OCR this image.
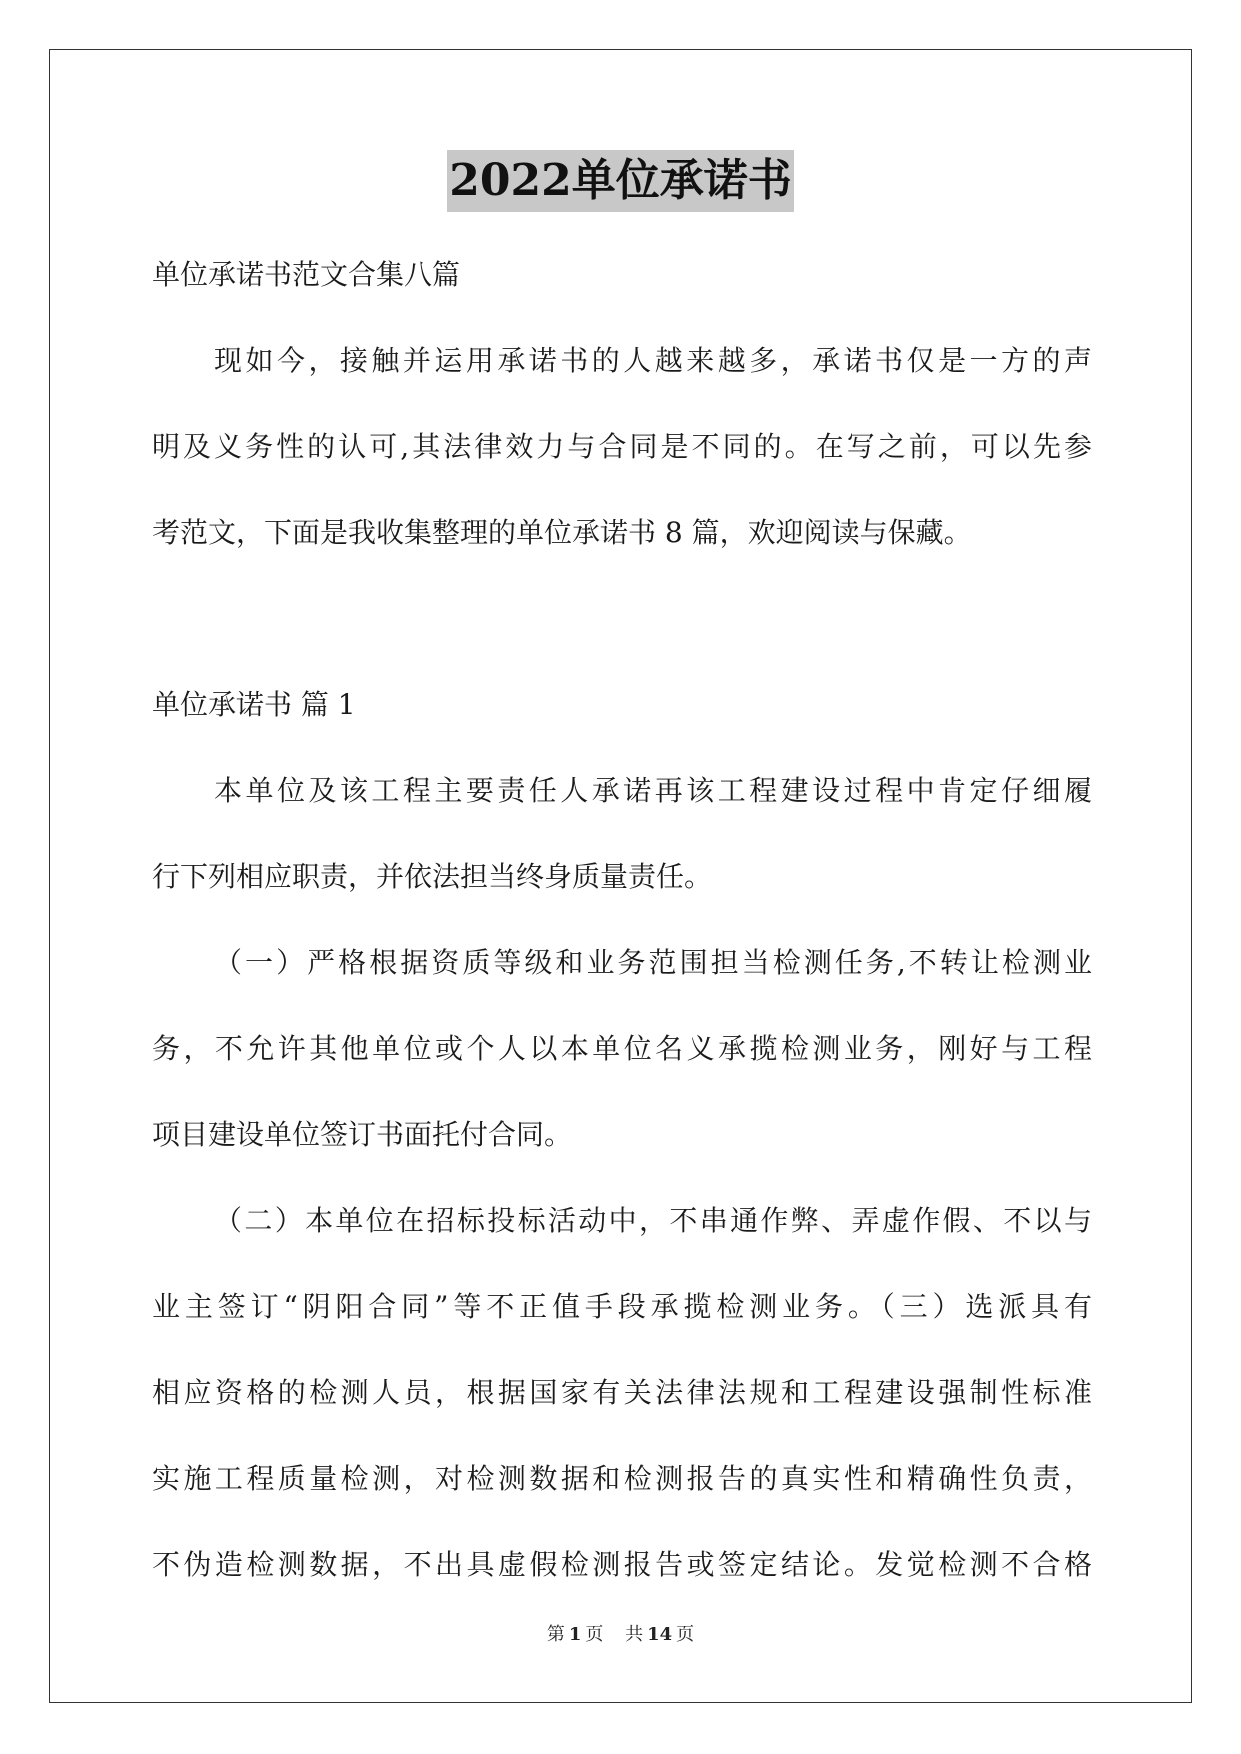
2022单位承诺书
单位承诺书范文合集八篇
现如今，接触并运用承诺书的人越来越多，承诺书仅是一方的声
明及义务性的认可,其法律效力与合同是不同的。在写之前，可以先参
考范文，下面是我收集整理的单位承诺书 8 篇，欢迎阅读与保藏。
单位承诺书 篇 1
本单位及该工程主要责任人承诺再该工程建设过程中肯定仔细履
行下列相应职责，并依法担当终身质量责任。
（一）严格根据资质等级和业务范围担当检测任务,不转让检测业
务，不允许其他单位或个人以本单位名义承揽检测业务，刚好与工程
项目建设单位签订书面托付合同。
（二）本单位在招标投标活动中，不串通作弊、弄虚作假、不以与
业主签订“阴阳合同”等不正值手段承揽检测业务。（三）选派具有
相应资格的检测人员，根据国家有关法律法规和工程建设强制性标准
实施工程质量检测，对检测数据和检测报告的真实性和精确性负责，
不伪造检测数据，不出具虚假检测报告或签定结论。发觉检测不合格
第 1 页 共 14 页
